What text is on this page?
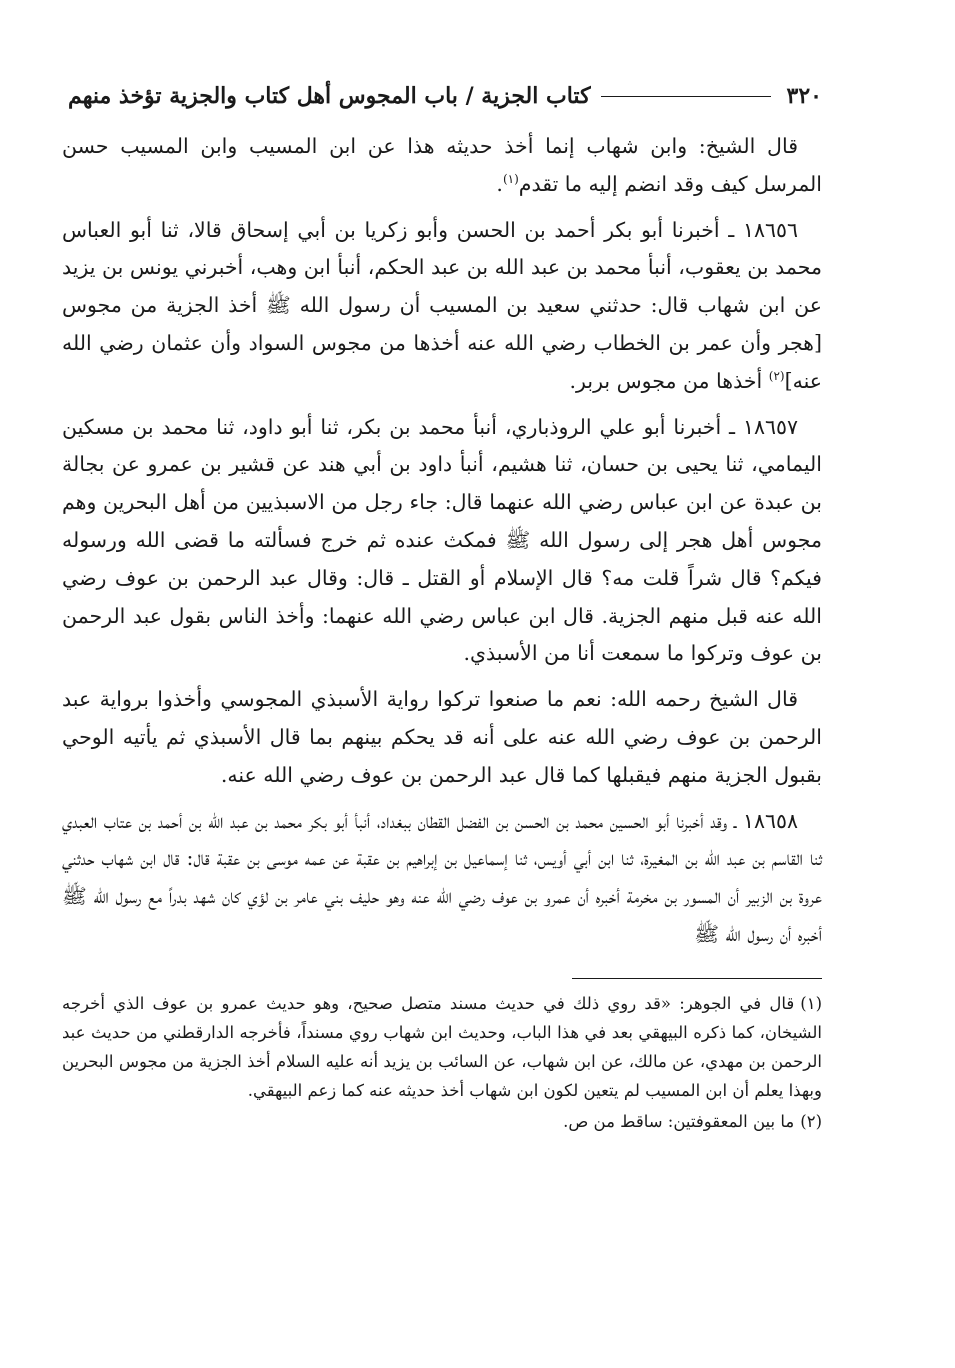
٣٢٠
كتاب الجزية / باب المجوس أهل كتاب والجزية تؤخذ منهم

قال الشيخ: وابن شهاب إنما أخذ حديثه هذا عن ابن المسيب وابن المسيب حسن المرسل كيف وقد انضم إليه ما تقدم$^{(١)}$.

١٨٦٥٦ ـ أخبرنا أبو بكر أحمد بن الحسن وأبو زكريا بن أبي إسحاق قالا، ثنا أبو العباس محمد بن يعقوب، أنبأ محمد بن عبد الله بن عبد الحكم، أنبأ ابن وهب، أخبرني يونس بن يزيد عن ابن شهاب قال: حدثني سعيد بن المسيب أن رسول الله ﷺ أخذ الجزية من مجوس [هجر وأن عمر بن الخطاب رضي الله عنه أخذها من مجوس السواد وأن عثمان رضي الله عنه]$^{(٢)}$ أخذها من مجوس بربر.

١٨٦٥٧ ـ أخبرنا أبو علي الروذباري، أنبأ محمد بن بكر، ثنا أبو داود، ثنا محمد بن مسكين اليمامي، ثنا يحيى بن حسان، ثنا هشيم، أنبأ داود بن أبي هند عن قشير بن عمرو عن بجالة بن عبدة عن ابن عباس رضي الله عنهما قال: جاء رجل من الاسبذيين من أهل البحرين وهم مجوس أهل هجر إلى رسول الله ﷺ فمكث عنده ثم خرج فسألته ما قضى الله ورسوله فيكم؟ قال شراً قلت مه؟ قال الإسلام أو القتل ـ قال: وقال عبد الرحمن بن عوف رضي الله عنه قبل منهم الجزية. قال ابن عباس رضي الله عنهما: وأخذ الناس بقول عبد الرحمن بن عوف وتركوا ما سمعت أنا من الأسبذي.

قال الشيخ رحمه الله: نعم ما صنعوا تركوا رواية الأسبذي المجوسي وأخذوا برواية عبد الرحمن بن عوف رضي الله عنه على أنه قد يحكم بينهم بما قال الأسبذي ثم يأتيه الوحي بقبول الجزية منهم فيقبلها كما قال عبد الرحمن بن عوف رضي الله عنه.

١٨٦٥٨ ـ وقد أخبرنا أبو الحسين محمد بن الحسن بن الفضل القطان ببغداد، أنبأ أبو بكر محمد بن عبد الله بن أحمد بن عتاب العبدي ثنا القاسم بن عبد الله بن المغيرة، ثنا ابن أبي أويس، ثنا إسماعيل بن إبراهيم بن عقبة عن عمه موسى بن عقبة قال: قال ابن شهاب حدثني عروة بن الزبير أن المسور بن مخرمة أخبره أن عمرو بن عوف رضي الله عنه وهو حليف بني عامر بن لؤي كان شهد بدراً مع رسول الله ﷺ أخبره أن رسول الله ﷺ

(١)قال في الجوهر: «قد روي ذلك في حديث مسند متصل صحيح، وهو حديث عمرو بن عوف الذي أخرجه الشيخان، كما ذكره البيهقي بعد في هذا الباب، وحديث ابن شهاب روي مسنداً، فأخرجه الدارقطني من حديث عبد الرحمن بن مهدي، عن مالك، عن ابن شهاب، عن السائب بن يزيد أنه عليه السلام أخذ الجزية من مجوس البحرين وبهذا يعلم أن ابن المسيب لم يتعين لكون ابن شهاب أخذ حديثه عنه كما زعم البيهقي.

(٢)ما بين المعقوفتين: ساقط من ص.
